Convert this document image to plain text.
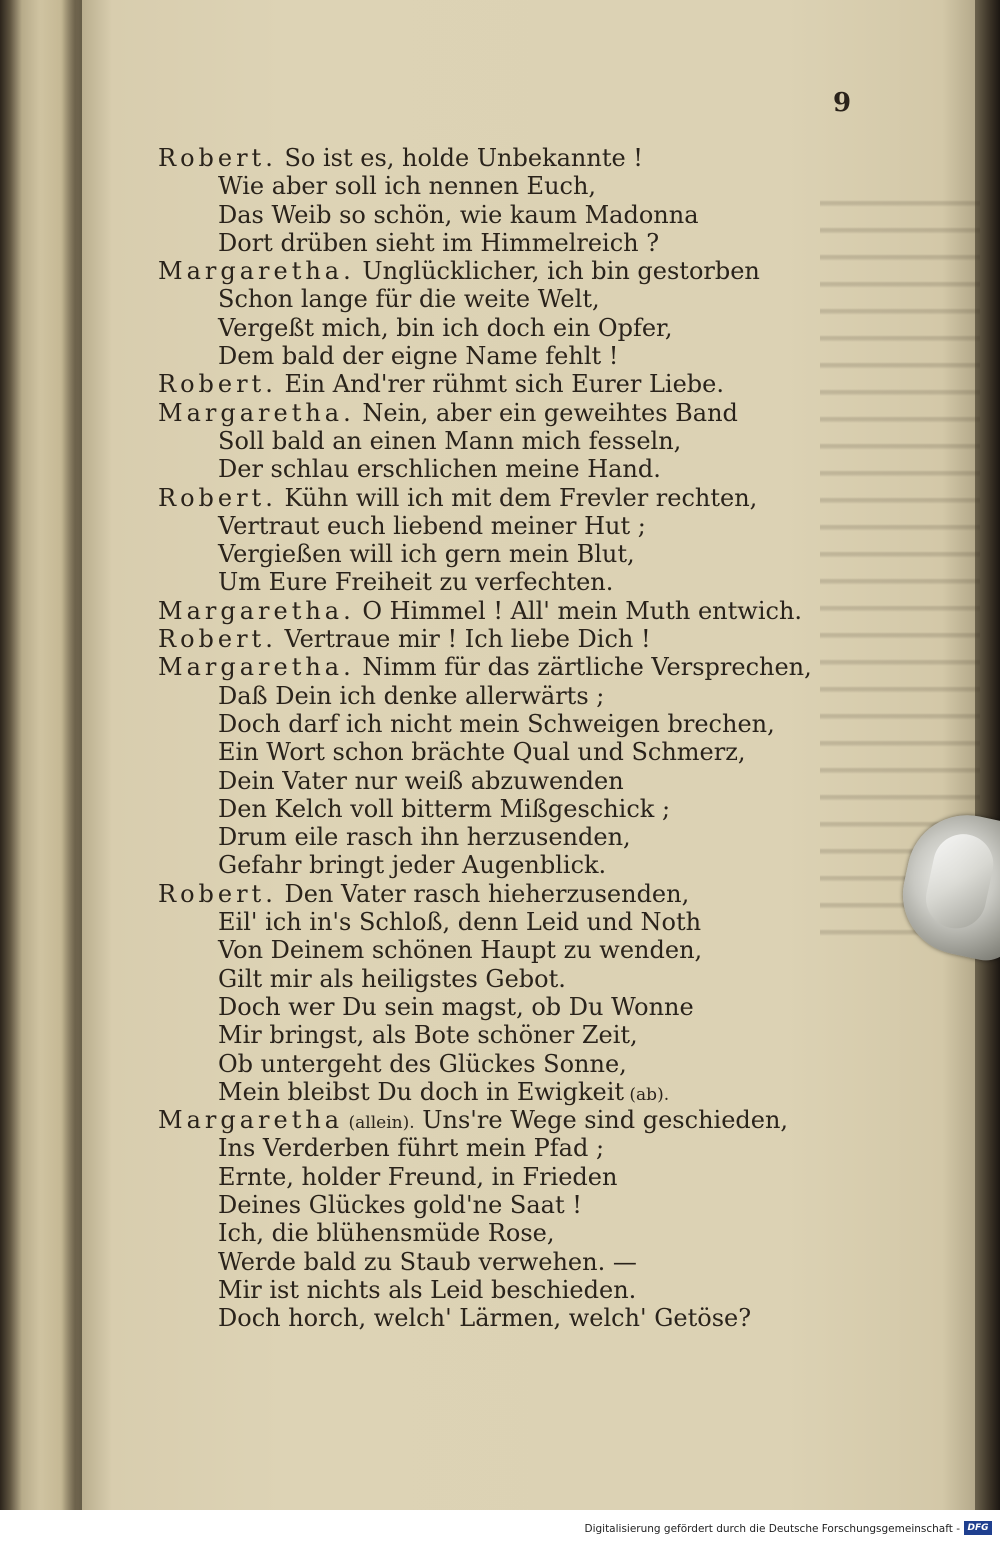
9
Robert. So ist es, holde Unbekannte !
Wie aber soll ich nennen Euch,
Das Weib so schön, wie kaum Madonna
Dort drüben sieht im Himmelreich ?
Margaretha. Unglücklicher, ich bin gestorben
Schon lange für die weite Welt,
Vergeßt mich, bin ich doch ein Opfer,
Dem bald der eigne Name fehlt !
Robert. Ein And'rer rühmt sich Eurer Liebe.
Margaretha. Nein, aber ein geweihtes Band
Soll bald an einen Mann mich fesseln,
Der schlau erschlichen meine Hand.
Robert. Kühn will ich mit dem Frevler rechten,
Vertraut euch liebend meiner Hut ;
Vergießen will ich gern mein Blut,
Um Eure Freiheit zu verfechten.
Margaretha. O Himmel ! All' mein Muth entwich.
Robert. Vertraue mir ! Ich liebe Dich !
Margaretha. Nimm für das zärtliche Versprechen,
Daß Dein ich denke allerwärts ;
Doch darf ich nicht mein Schweigen brechen,
Ein Wort schon brächte Qual und Schmerz,
Dein Vater nur weiß abzuwenden
Den Kelch voll bitterm Mißgeschick ;
Drum eile rasch ihn herzusenden,
Gefahr bringt jeder Augenblick.
Robert. Den Vater rasch hieherzusenden,
Eil' ich in's Schloß, denn Leid und Noth
Von Deinem schönen Haupt zu wenden,
Gilt mir als heiligstes Gebot.
Doch wer Du sein magst, ob Du Wonne
Mir bringst, als Bote schöner Zeit,
Ob untergeht des Glückes Sonne,
Mein bleibst Du doch in Ewigkeit (ab).
Margaretha (allein). Uns're Wege sind geschieden,
Ins Verderben führt mein Pfad ;
Ernte, holder Freund, in Frieden
Deines Glückes gold'ne Saat !
Ich, die blühensmüde Rose,
Werde bald zu Staub verwehen. —
Mir ist nichts als Leid beschieden.
Doch horch, welch' Lärmen, welch' Getöse?
Digitalisierung gefördert durch die Deutsche Forschungsgemeinschaft - DFG
